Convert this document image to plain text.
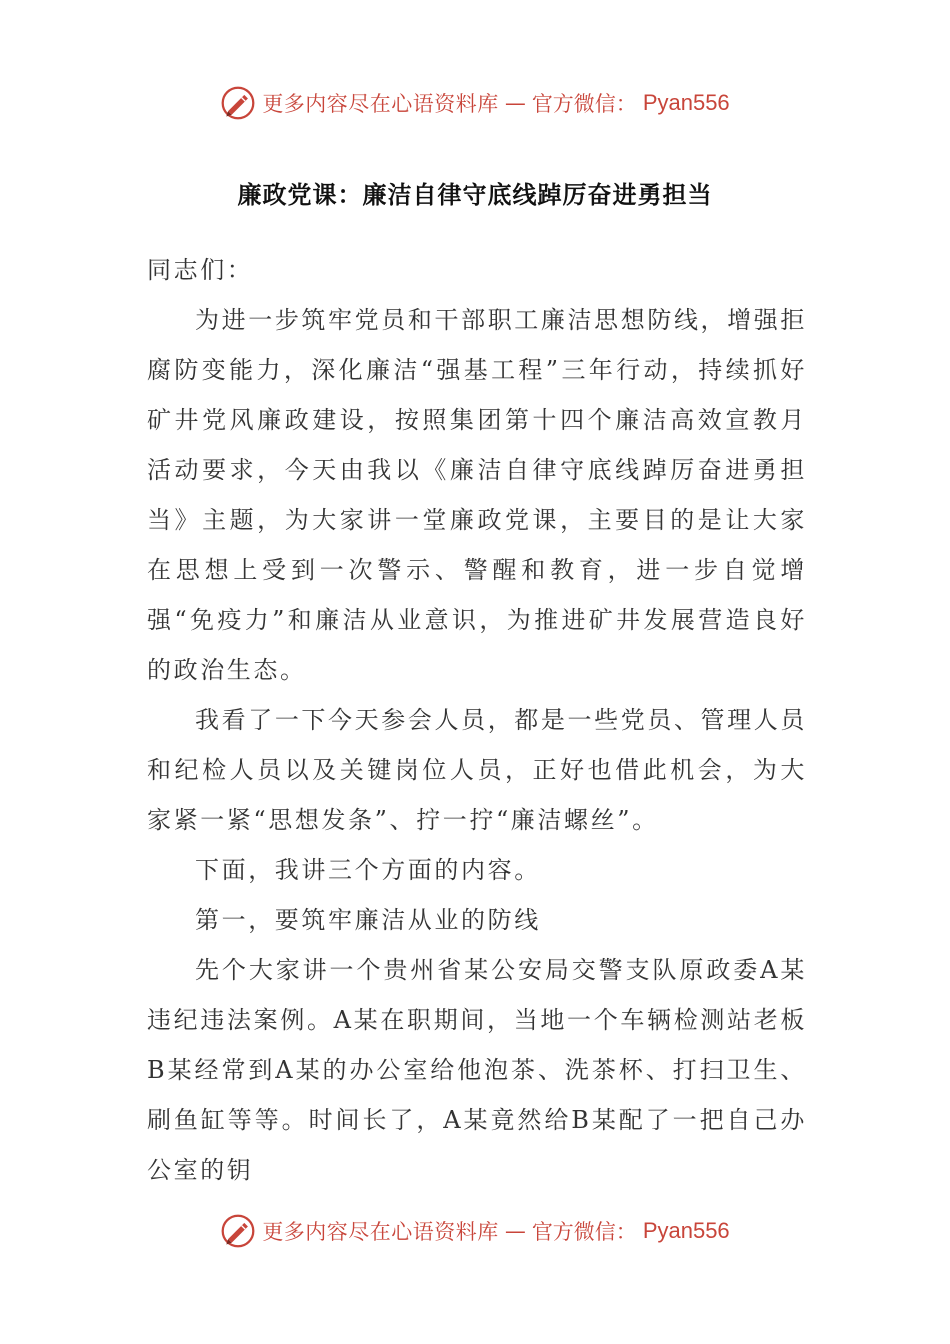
更多内容尽在心语资料库 — 官方微信： Pyan556
廉政党课：廉洁自律守底线踔厉奋进勇担当

同志们：

为进一步筑牢党员和干部职工廉洁思想防线，增强拒腐防变能力，深化廉洁“强基工程”三年行动，持续抓好矿井党风廉政建设，按照集团第十四个廉洁高效宣教月活动要求，今天由我以《廉洁自律守底线踔厉奋进勇担当》主题，为大家讲一堂廉政党课，主要目的是让大家在思想上受到一次警示、警醒和教育，进一步自觉增强“免疫力”和廉洁从业意识，为推进矿井发展营造良好的政治生态。

我看了一下今天参会人员，都是一些党员、管理人员和纪检人员以及关键岗位人员，正好也借此机会，为大家紧一紧“思想发条”、拧一拧“廉洁螺丝”。

下面，我讲三个方面的内容。

第一，要筑牢廉洁从业的防线

先个大家讲一个贵州省某公安局交警支队原政委A某违纪违法案例。A某在职期间，当地一个车辆检测站老板B某经常到A某的办公室给他泡茶、洗茶杯、打扫卫生、刷鱼缸等等。时间长了，A某竟然给B某配了一把自己办公室的钥

更多内容尽在心语资料库 — 官方微信： Pyan556
